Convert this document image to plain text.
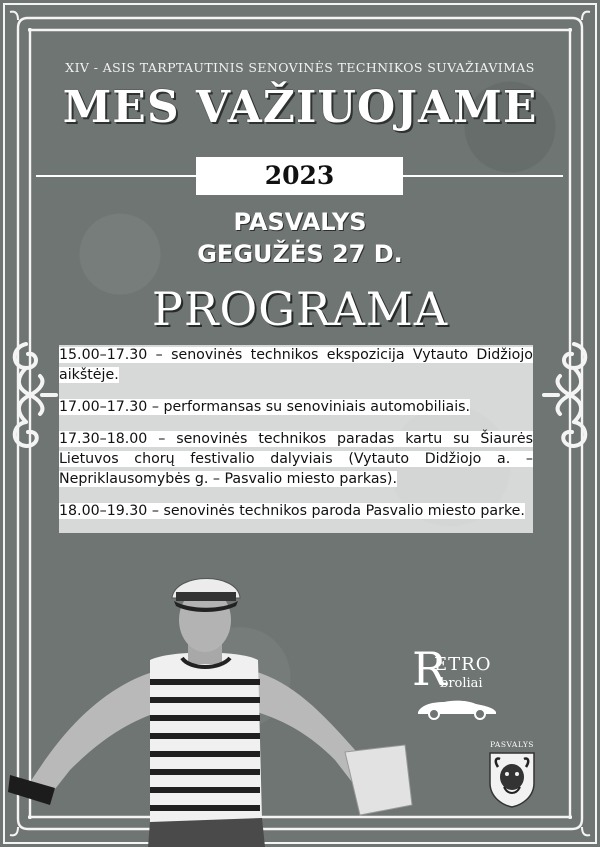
XIV - ASIS TARPTAUTINIS SENOVINĖS TECHNIKOS SUVAŽIAVIMAS
MES VAŽIUOJAME
2023
PASVALYS
GEGUŽĖS 27 D.
PROGRAMA

15.00–17.30 – senovinės technikos ekspozicija Vytauto Didžiojo aikštėje.

17.00–17.30 – performansas su senoviniais automobiliais.

17.30–18.00 – senovinės technikos paradas kartu su Šiaurės Lietuvos chorų festivalio dalyviais (Vytauto Didžiojo a. – Nepriklausomybės g. – Pasvalio miesto parkas).

18.00–19.30 – senovinės technikos paroda Pasvalio miesto parke.

R
ETRO
broliai
PASVALYS
